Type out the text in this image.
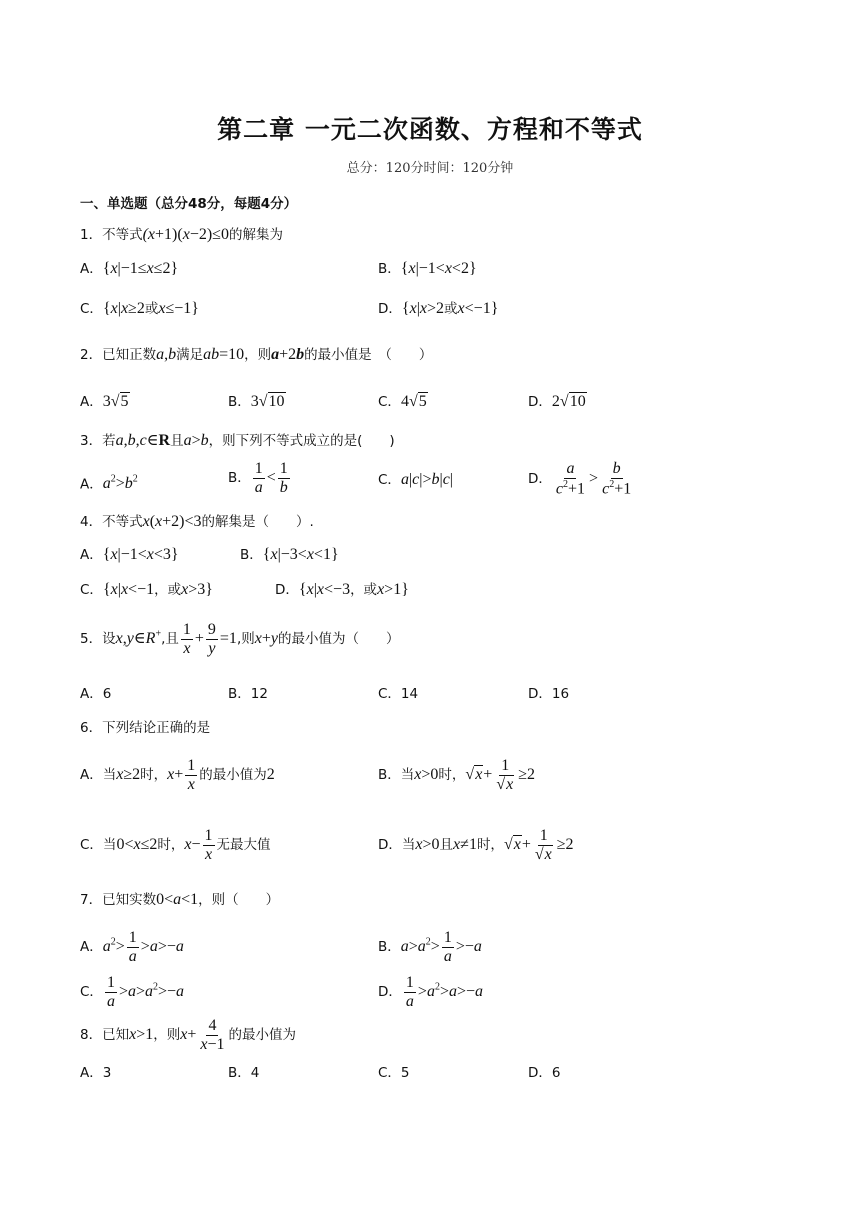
第二章 一元二次函数、方程和不等式
总分：120分时间：120分钟
一、单选题（总分48分，每题4分）
1．不等式(x+1)(x−2)≤0的解集为
A．{x|−1≤x≤2}	B．{x|−1<x<2}
C．{x|x≥2或x≤−1}	D．{x|x>2或x<−1}
2．已知正数a,b满足ab=10，则a+2b的最小值是　（　　）
A．3√5	B．3√10	C．4√5	D．2√10
3．若a,b,c∈R且a>b，则下列不等式成立的是(　　)
A．$a^2>b^2$	B． $\frac{1}{a} < \frac{1}{b}$	C．a|c|>b|c|	D． $\frac{a}{c^2+1} > \frac{b}{c^2+1}$
4．不等式x(x+2)<3的解集是（　　）.
A．{x|−1<x<3}	B．{x|−3<x<1}
C．{x|x<−1，或x>3}	D．{x|x<−3，或x>1}
5．设x,y∈R+,且 $\frac{1}{x} + \frac{9}{y} =1$,则x+y的最小值为（　　）
A．6	B．12	C．14	D．16
6．下列结论正确的是
A．当x≥2时，$x+ \frac{1}{x}$ 的最小值为2	B．当x>0时，$√x+ \frac{1}{√x} \ge 2$
C．当0<x≤2时，$x- \frac{1}{x}$ 无最大值	D．当x>0且x≠1时，$√x+ \frac{1}{√x} \ge 2$
7．已知实数0<a<1，则（　　）
A．$a^2> \frac{1}{a} >a>-a$	B．$a>a^2> \frac{1}{a} >-a$
C． $\frac{1}{a} >a>a^2>-a$	D． $\frac{1}{a} >a^2>a>-a$
8．已知x>1，则$x+ \frac{4}{x-1}$ 的最小值为
A．3	B．4	C．5	D．6
